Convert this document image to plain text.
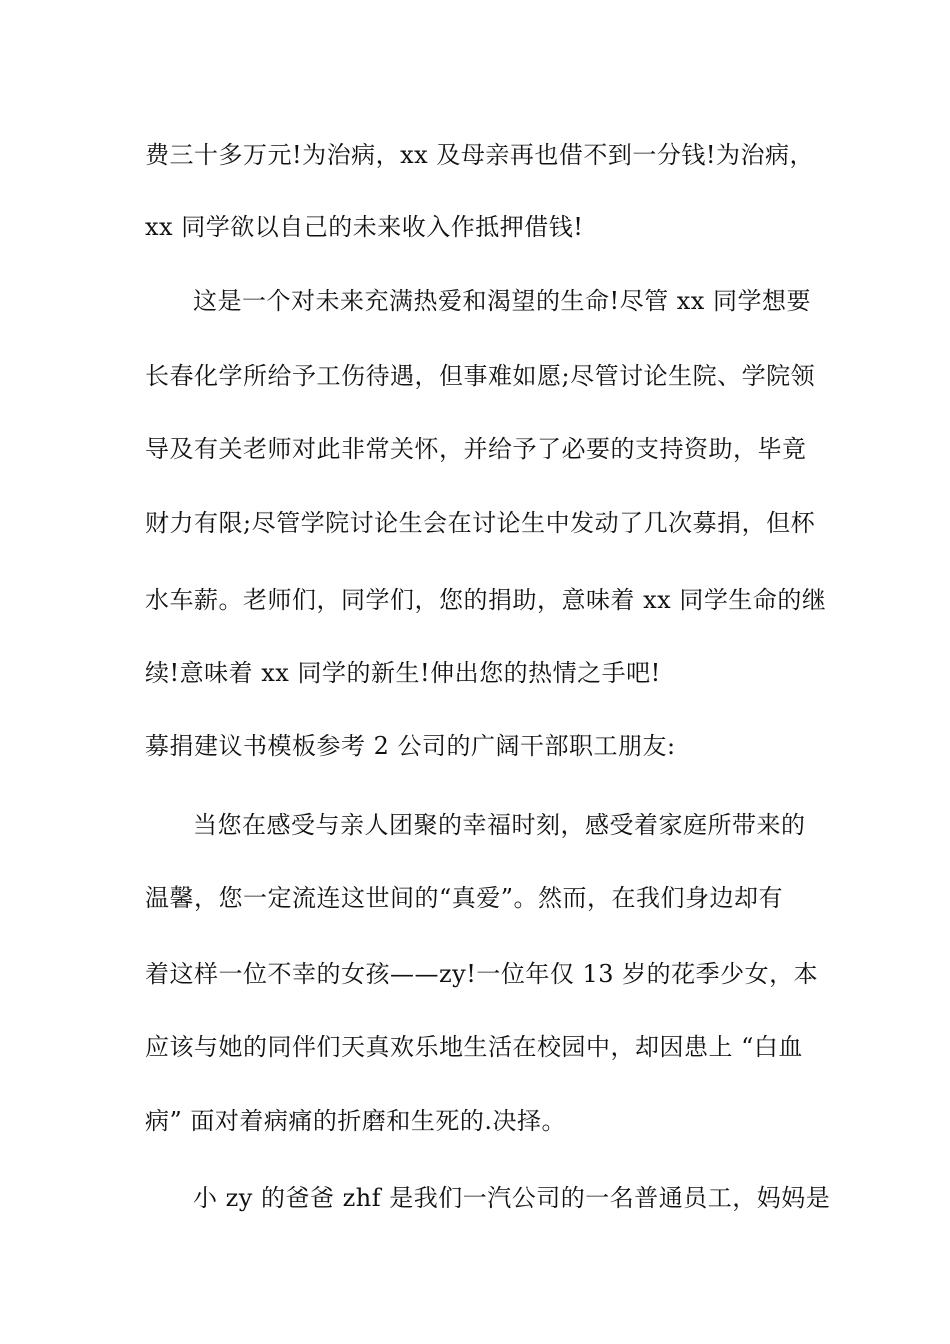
费三十多万元!为治病，xx 及母亲再也借不到一分钱!为治病，
xx 同学欲以自己的未来收入作抵押借钱!
这是一个对未来充满热爱和渴望的生命!尽管 xx 同学想要
长春化学所给予工伤待遇，但事难如愿;尽管讨论生院、学院领
导及有关老师对此非常关怀，并给予了必要的支持资助，毕竟
财力有限;尽管学院讨论生会在讨论生中发动了几次募捐，但杯
水车薪。老师们，同学们，您的捐助，意味着 xx 同学生命的继
续!意味着 xx 同学的新生!伸出您的热情之手吧!
募捐建议书模板参考 2 公司的广阔干部职工朋友:
当您在感受与亲人团聚的幸福时刻，感受着家庭所带来的
温馨，您一定流连这世间的“真爱”。然而，在我们身边却有
着这样一位不幸的女孩——zy!一位年仅 13 岁的花季少女，本
应该与她的同伴们天真欢乐地生活在校园中，却因患上 “白血
病” 面对着病痛的折磨和生死的.决择。
小 zy 的爸爸 zhf 是我们一汽公司的一名普通员工，妈妈是
